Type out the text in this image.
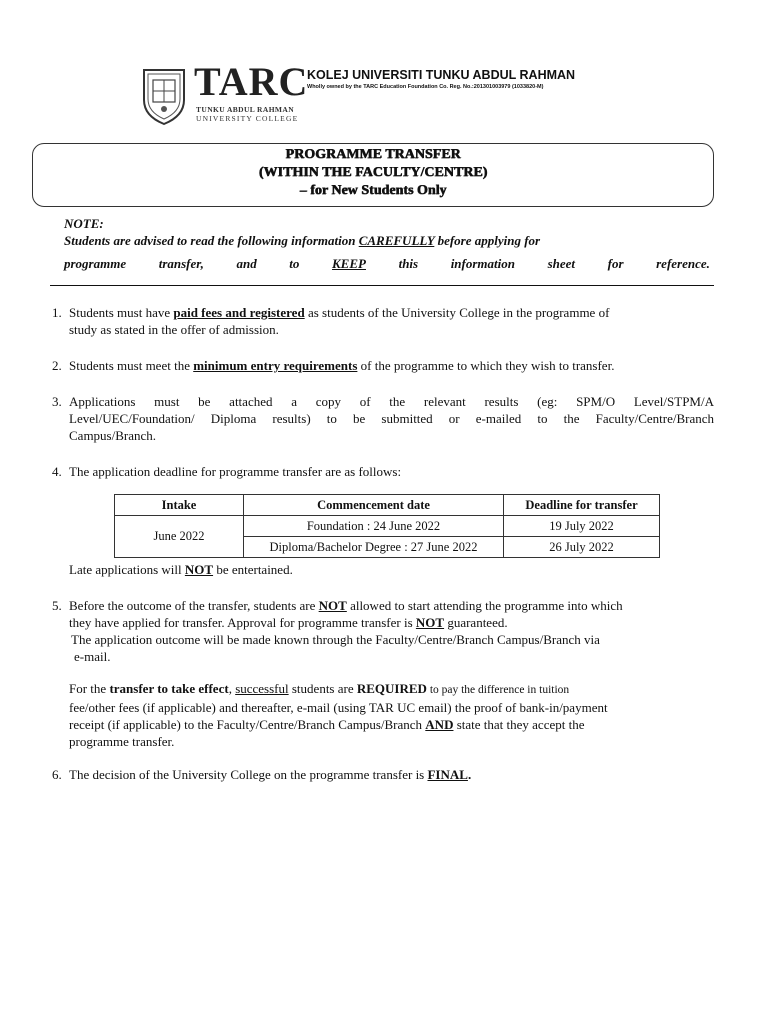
TARC
TUNKU ABDUL RAHMAN
UNIVERSITY COLLEGE
KOLEJ UNIVERSITI TUNKU ABDUL RAHMAN
Wholly owned by the TARC Education Foundation Co. Reg. No.:201301003979 (1033820-M)
PROGRAMME TRANSFER
(WITHIN THE FACULTY/CENTRE)
– for New Students Only
NOTE:
Students are advised to read the following information CAREFULLY before applying for
programme	transfer,	and	to	KEEP	this	information	sheet	for	reference.
1. Students must have paid fees and registered as students of the University College in the programme of
study as stated in the offer of admission.
2. Students must meet the minimum entry requirements of the programme to which they wish to transfer.
3. Applications must be attached a copy of the relevant results (eg: SPM/O Level/STPM/A
Level/UEC/Foundation/ Diploma results) to be submitted or e-mailed to the Faculty/Centre/Branch
Campus/Branch.
4. The application deadline for programme transfer are as follows:
Intake	Commencement date	Deadline for transfer
June 2022	Foundation : 24 June 2022	19 July 2022
	Diploma/Bachelor Degree : 27 June 2022	26 July 2022
Late applications will NOT be entertained.
5. Before the outcome of the transfer, students are NOT allowed to start attending the programme into which
they have applied for transfer. Approval for programme transfer is NOT guaranteed.
The application outcome will be made known through the Faculty/Centre/Branch Campus/Branch via
e-mail.
For the transfer to take effect, successful students are REQUIRED to pay the difference in tuition
fee/other fees (if applicable) and thereafter, e-mail (using TAR UC email) the proof of bank-in/payment
receipt (if applicable) to the Faculty/Centre/Branch Campus/Branch AND state that they accept the
programme transfer.
6. The decision of the University College on the programme transfer is FINAL.
